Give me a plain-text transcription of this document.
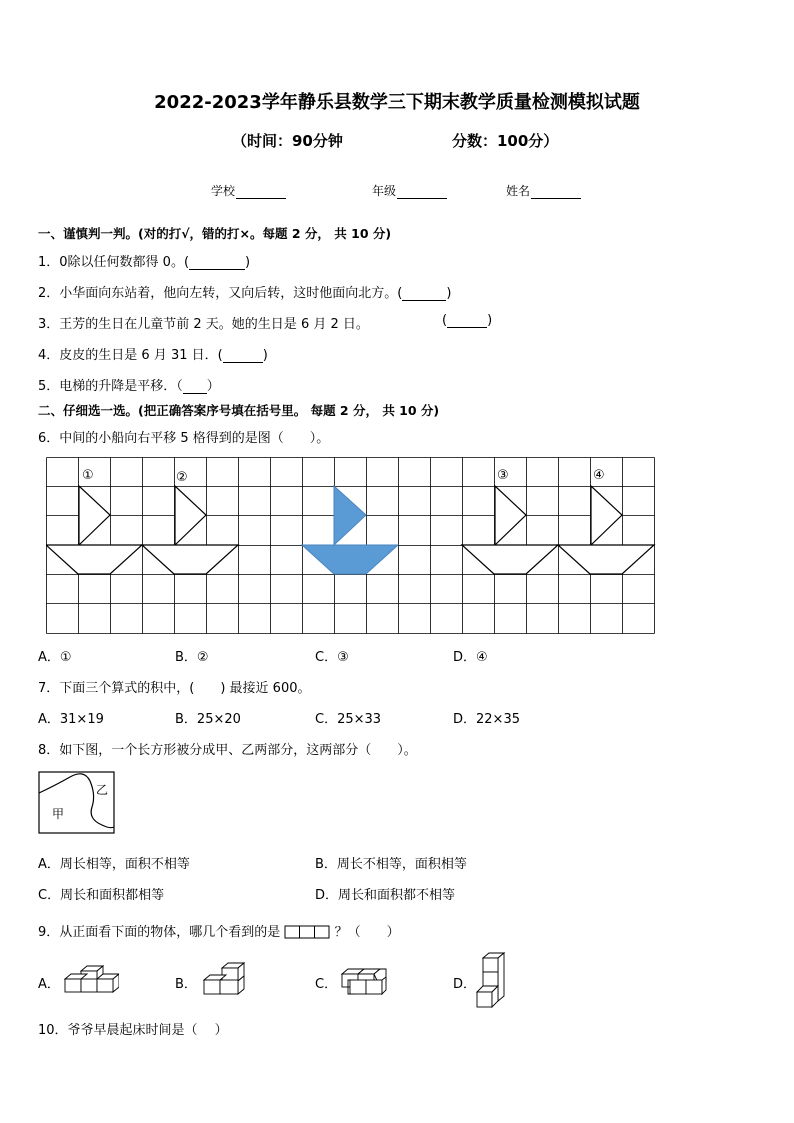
2022-2023学年静乐县数学三下期末教学质量检测模拟试题
（时间：90分钟	分数：100分）
学校	年级	姓名
一、谨慎判一判。(对的打√，错的打×。每题 2 分， 共 10 分)
1．0除以任何数都得 0。(	)
2．小华面向东站着，他向左转，又向后转，这时他面向北方。(	)
3．王芳的生日在儿童节前 2 天。她的生日是 6 月 2 日。	(	)
4．皮皮的生日是 6 月 31 日．(	)
5．电梯的升降是平移．（ ）
二、仔细选一选。(把正确答案序号填在括号里。 每题 2 分， 共 10 分)
6．中间的小船向右平移 5 格得到的是图（　　）。
①	②	③	④
A．①	B．②	C．③	D．④
7．下面三个算式的积中，(　　) 最接近 600。
A．31×19	B．25×20	C．25×33	D．22×35
8．如下图，一个长方形被分成甲、乙两部分，这两部分（　　）。
甲
乙
A．周长相等，面积不相等	B．周长不相等，面积相等
C．周长和面积都相等	D．周长和面积都不相等
9．从正面看下面的物体，哪几个看到的是	？（　　）
A．	B．	C．	D．
10．爷爷早晨起床时间是（　 ）
